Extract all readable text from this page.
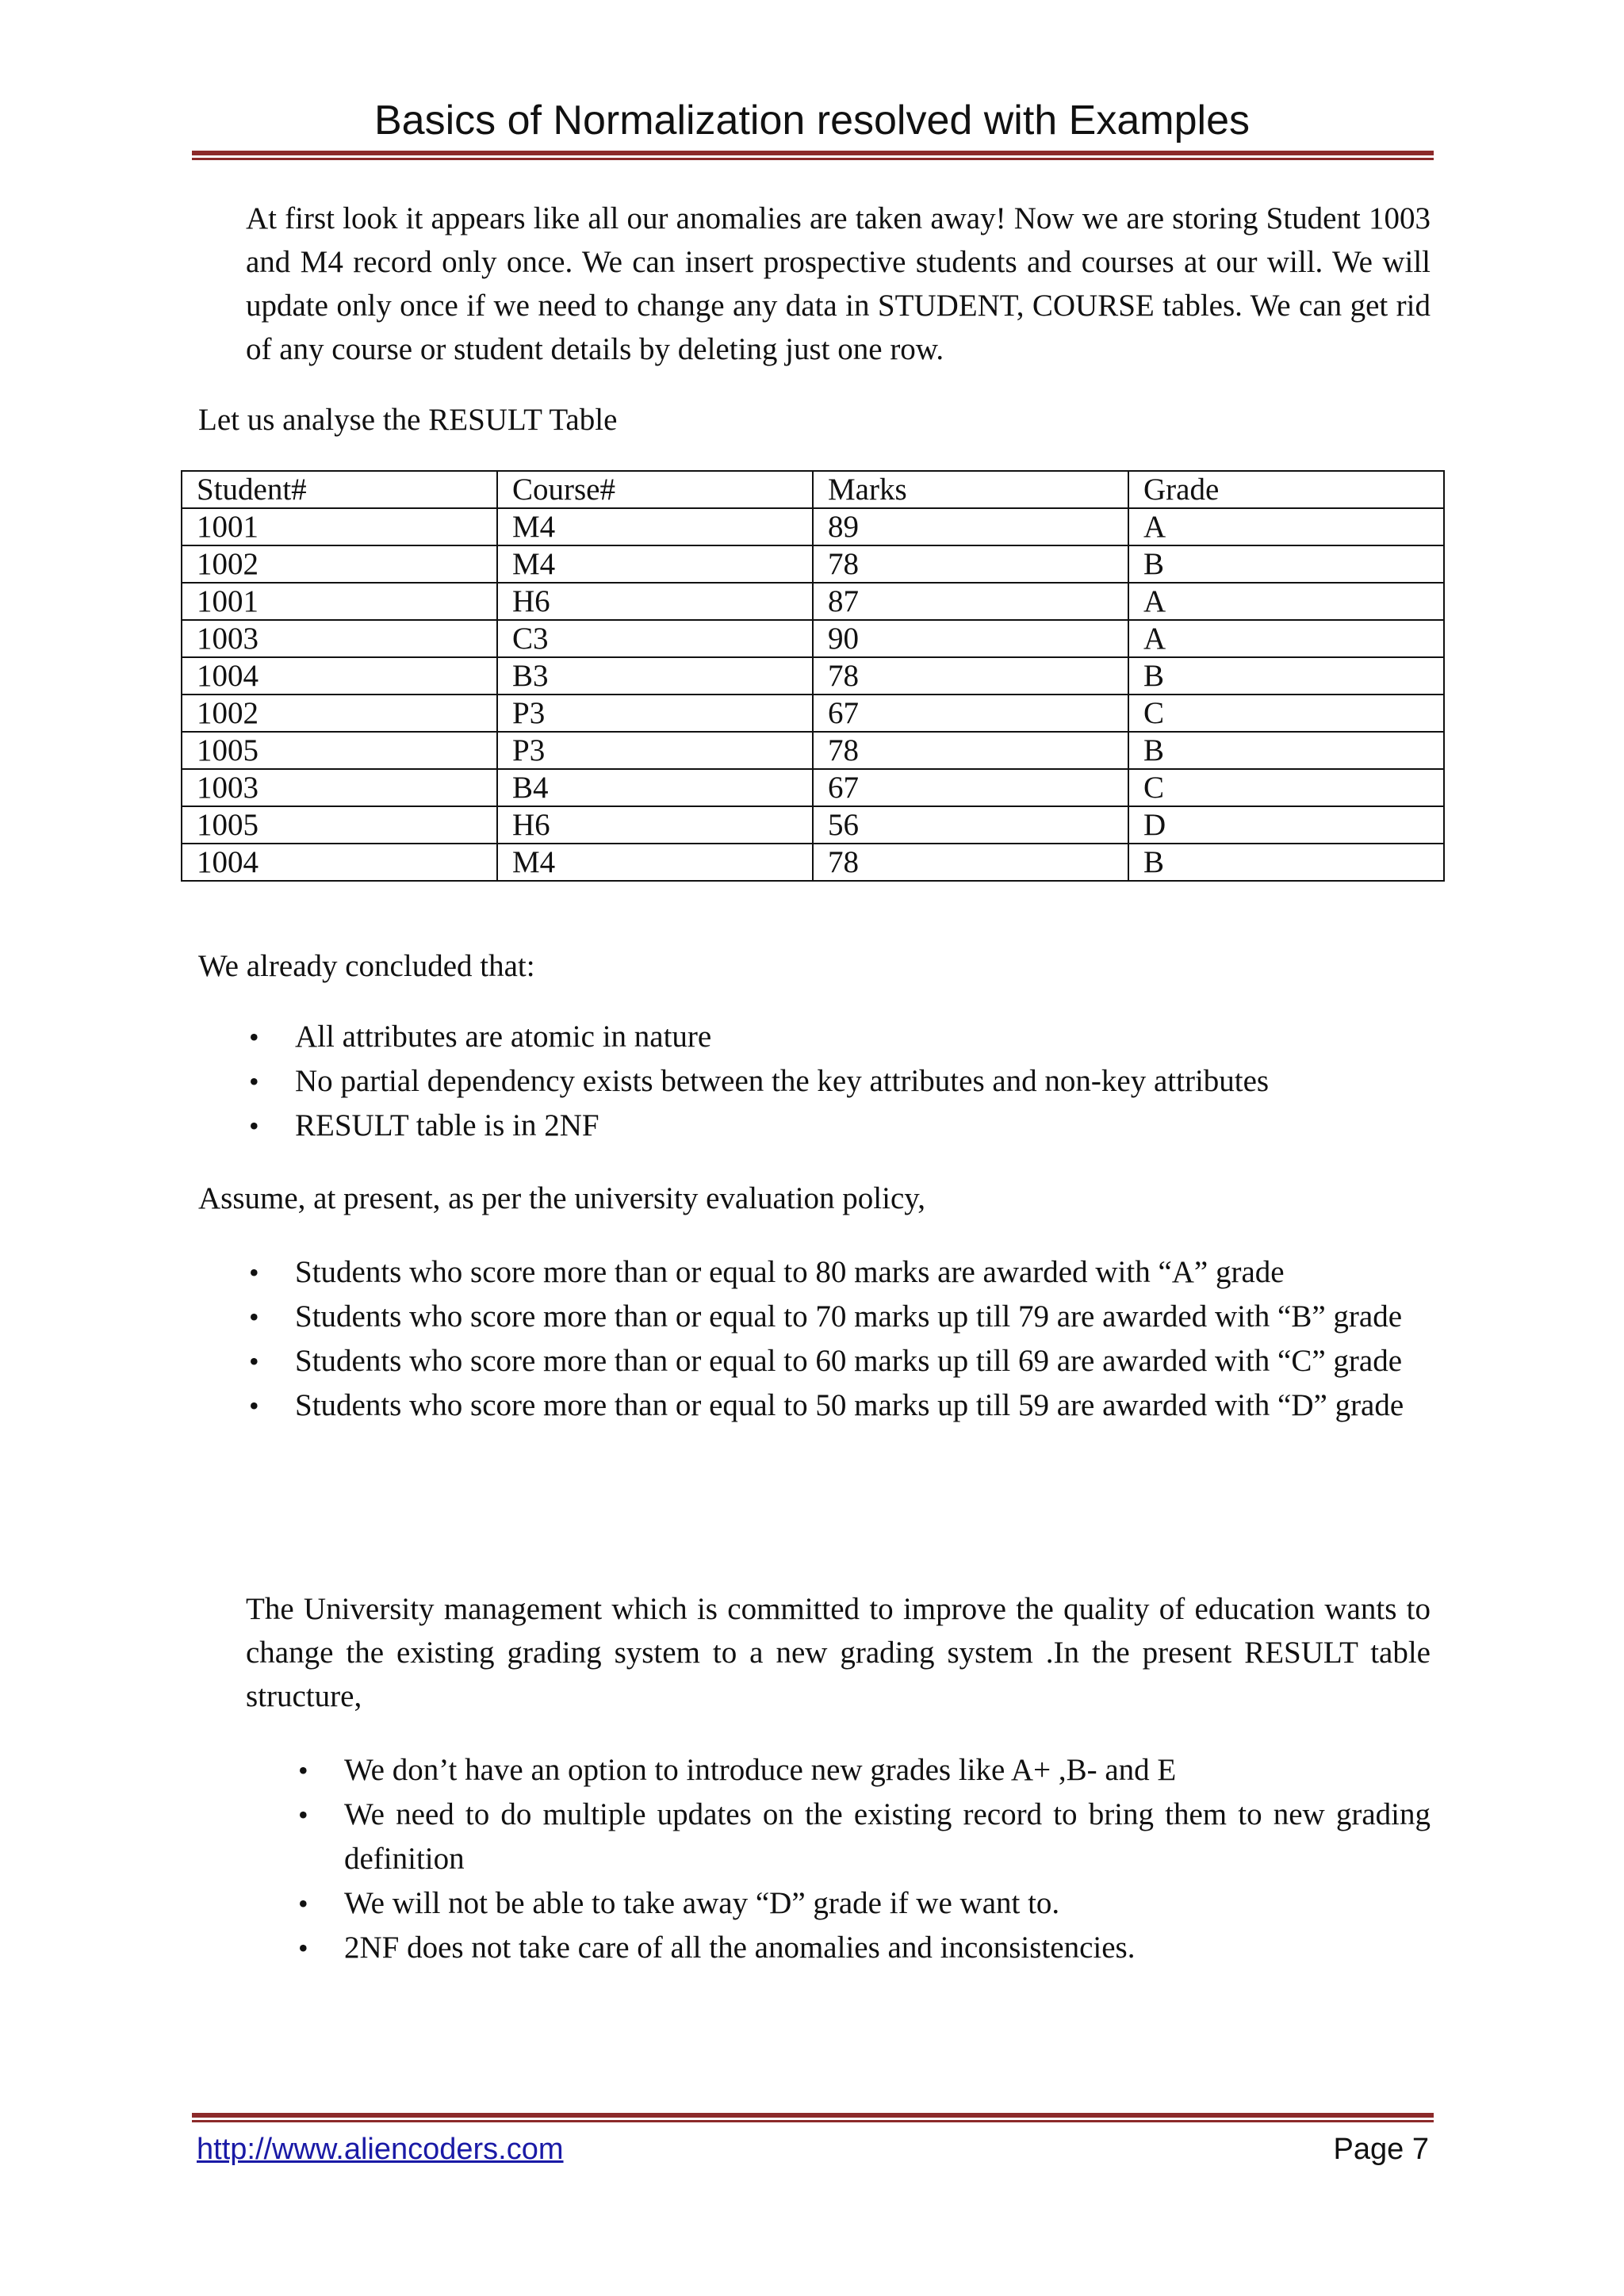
Basics of Normalization resolved with Examples

At first look it appears like all our anomalies are taken away! Now we are storing Student 1003 and M4 record only once. We can insert prospective students and courses at our will. We will update only once if we need to change any data in STUDENT, COURSE tables. We can get rid of any course or student details by deleting just one row.

Let us analyse the RESULT Table

Student#	Course#	Marks	Grade
1001	M4	89	A
1002	M4	78	B
1001	H6	87	A
1003	C3	90	A
1004	B3	78	B
1002	P3	67	C
1005	P3	78	B
1003	B4	67	C
1005	H6	56	D
1004	M4	78	B

We already concluded that:

• All attributes are atomic in nature
• No partial dependency exists between the key attributes and non-key attributes
• RESULT table is in 2NF

Assume, at present, as per the university evaluation policy,

• Students who score more than or equal to 80 marks are awarded with “A” grade
• Students who score more than or equal to 70 marks up till 79 are awarded with “B” grade
• Students who score more than or equal to 60 marks up till 69 are awarded with “C” grade
• Students who score more than or equal to 50 marks up till 59 are awarded with “D” grade

The University management which is committed to improve the quality of education wants to change the existing grading system to a new grading system .In the present RESULT table structure,

• We don’t have an option to introduce new grades like A+ ,B- and E
• We need to do multiple updates on the existing record to bring them to new grading definition
• We will not be able to take away “D” grade if we want to.
• 2NF does not take care of all the anomalies and inconsistencies.
http://www.aliencoders.com	Page 7
